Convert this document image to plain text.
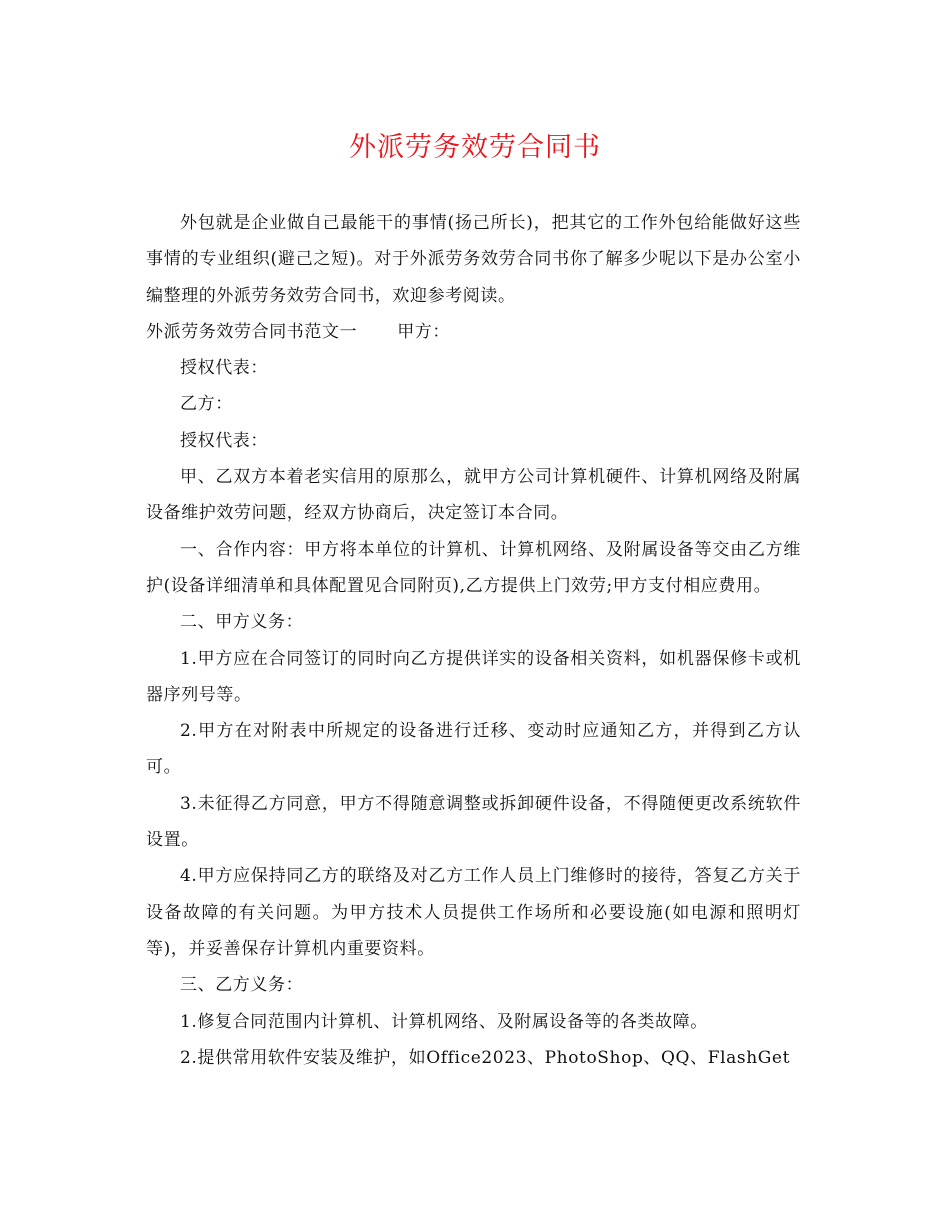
外派劳务效劳合同书

外包就是企业做自己最能干的事情(扬己所长)，把其它的工作外包给能做好这些事情的专业组织(避己之短)。对于外派劳务效劳合同书你了解多少呢以下是办公室小编整理的外派劳务效劳合同书，欢迎参考阅读。

外派劳务效劳合同书范文一 甲方：

授权代表：

乙方：

授权代表：

甲、乙双方本着老实信用的原那么，就甲方公司计算机硬件、计算机网络及附属设备维护效劳问题，经双方协商后，决定签订本合同。

一、合作内容：甲方将本单位的计算机、计算机网络、及附属设备等交由乙方维护(设备详细清单和具体配置见合同附页),乙方提供上门效劳;甲方支付相应费用。

二、甲方义务：

1.甲方应在合同签订的同时向乙方提供详实的设备相关资料，如机器保修卡或机器序列号等。

2.甲方在对附表中所规定的设备进行迁移、变动时应通知乙方，并得到乙方认可。

3.未征得乙方同意，甲方不得随意调整或拆卸硬件设备，不得随便更改系统软件设置。

4.甲方应保持同乙方的联络及对乙方工作人员上门维修时的接待，答复乙方关于设备故障的有关问题。为甲方技术人员提供工作场所和必要设施(如电源和照明灯等)，并妥善保存计算机内重要资料。

三、乙方义务：

1.修复合同范围内计算机、计算机网络、及附属设备等的各类故障。

2.提供常用软件安装及维护，如Office2023、PhotoShop、QQ、FlashGet
